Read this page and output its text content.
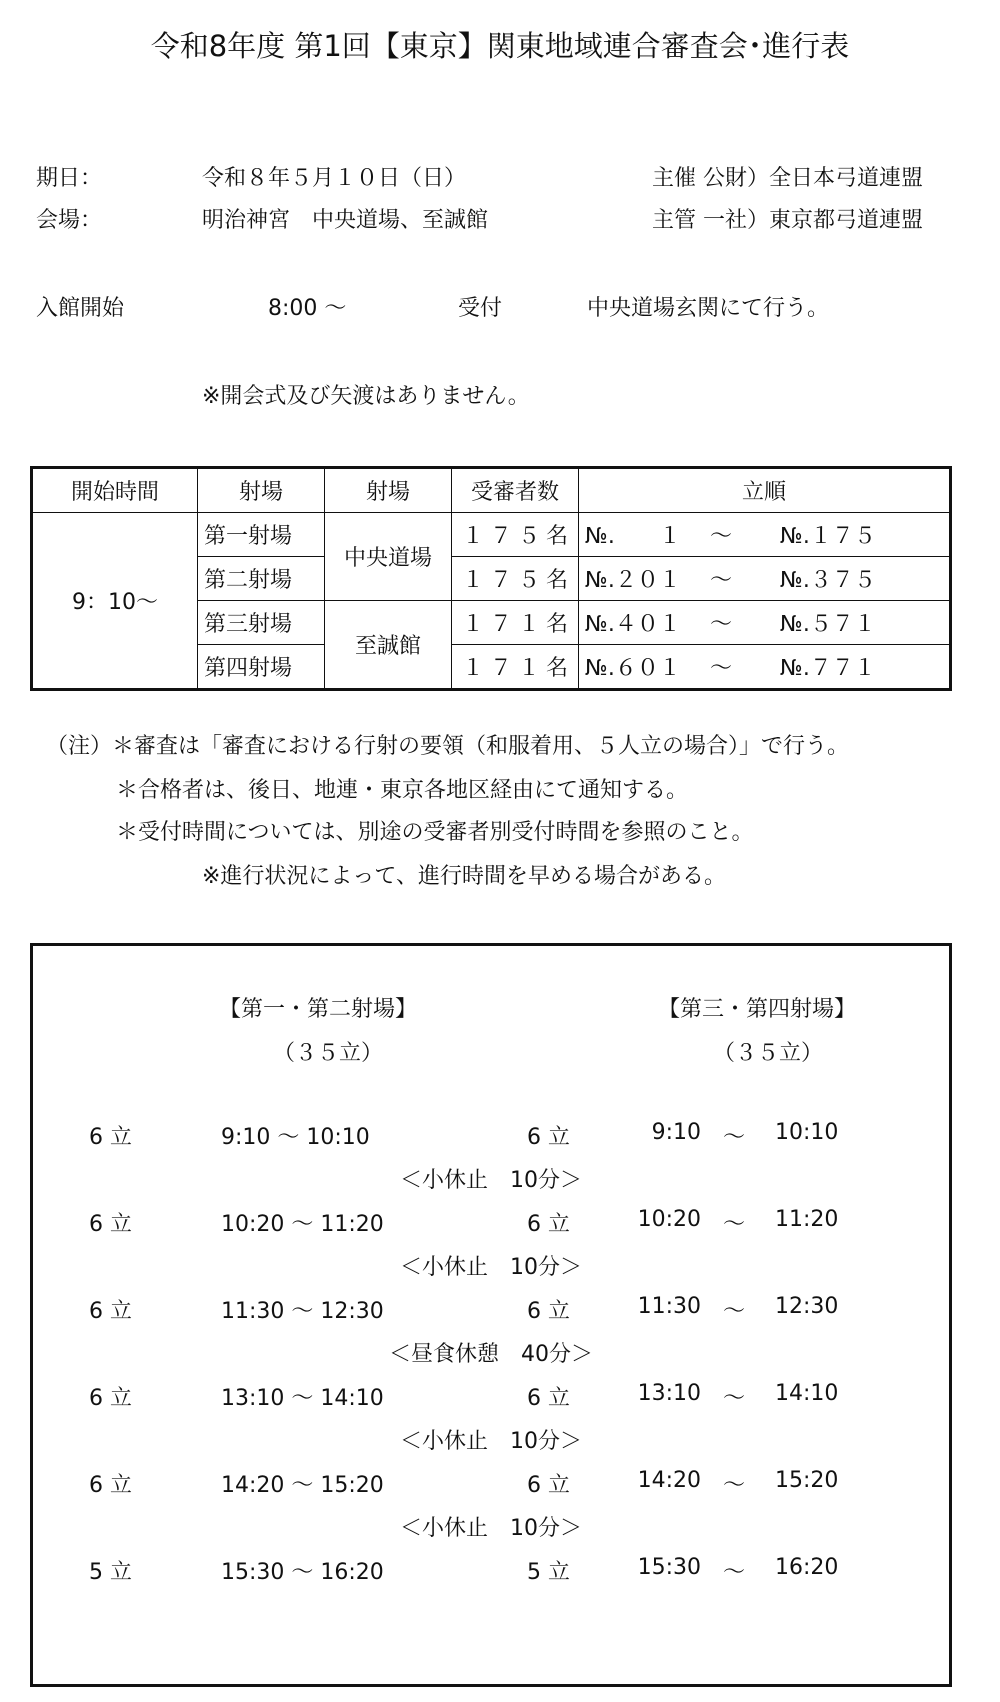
令和8年度 第1回【東京】関東地域連合審査会･進行表
期日：	令和８年５月１０日（日）	主催 公財）全日本弓道連盟
会場：	明治神宮　中央道場、至誠館	主管 一社）東京都弓道連盟
入館開始	8:00 ～	受付	中央道場玄関にて行う。
※開会式及び矢渡はありません。
開始時間	射場	射場	受審者数	立順
9：10～	第一射場	中央道場	１７５名	№.　　１ ～ №.１７５

	第二射場		１７５名	№.２０１ ～ №.３７５

	第三射場	至誠館	１７１名	№.４０１ ～ №.５７１

	第四射場		１７１名	№.６０１ ～ №.７７１
（注）＊審査は「審査における行射の要領（和服着用、５人立の場合）」で行う。
＊合格者は、後日、地連・東京各地区経由にて通知する。
＊受付時間については、別途の受審者別受付時間を参照のこと。
※進行状況によって、進行時間を早める場合がある。
【第一・第二射場】
（３５立）
【第三・第四射場】
（３５立）
6 立	9:10 ～ 10:10	6 立	9:10 ～ 10:10
＜小休止　10分＞
6 立	10:20 ～ 11:20	6 立	10:20 ～ 11:20
＜小休止　10分＞
6 立	11:30 ～ 12:30	6 立	11:30 ～ 12:30
＜昼食休憩　40分＞
6 立	13:10 ～ 14:10	6 立	13:10 ～ 14:10
＜小休止　10分＞
6 立	14:20 ～ 15:20	6 立	14:20 ～ 15:20
＜小休止　10分＞
5 立	15:30 ～ 16:20	5 立	15:30 ～ 16:20
